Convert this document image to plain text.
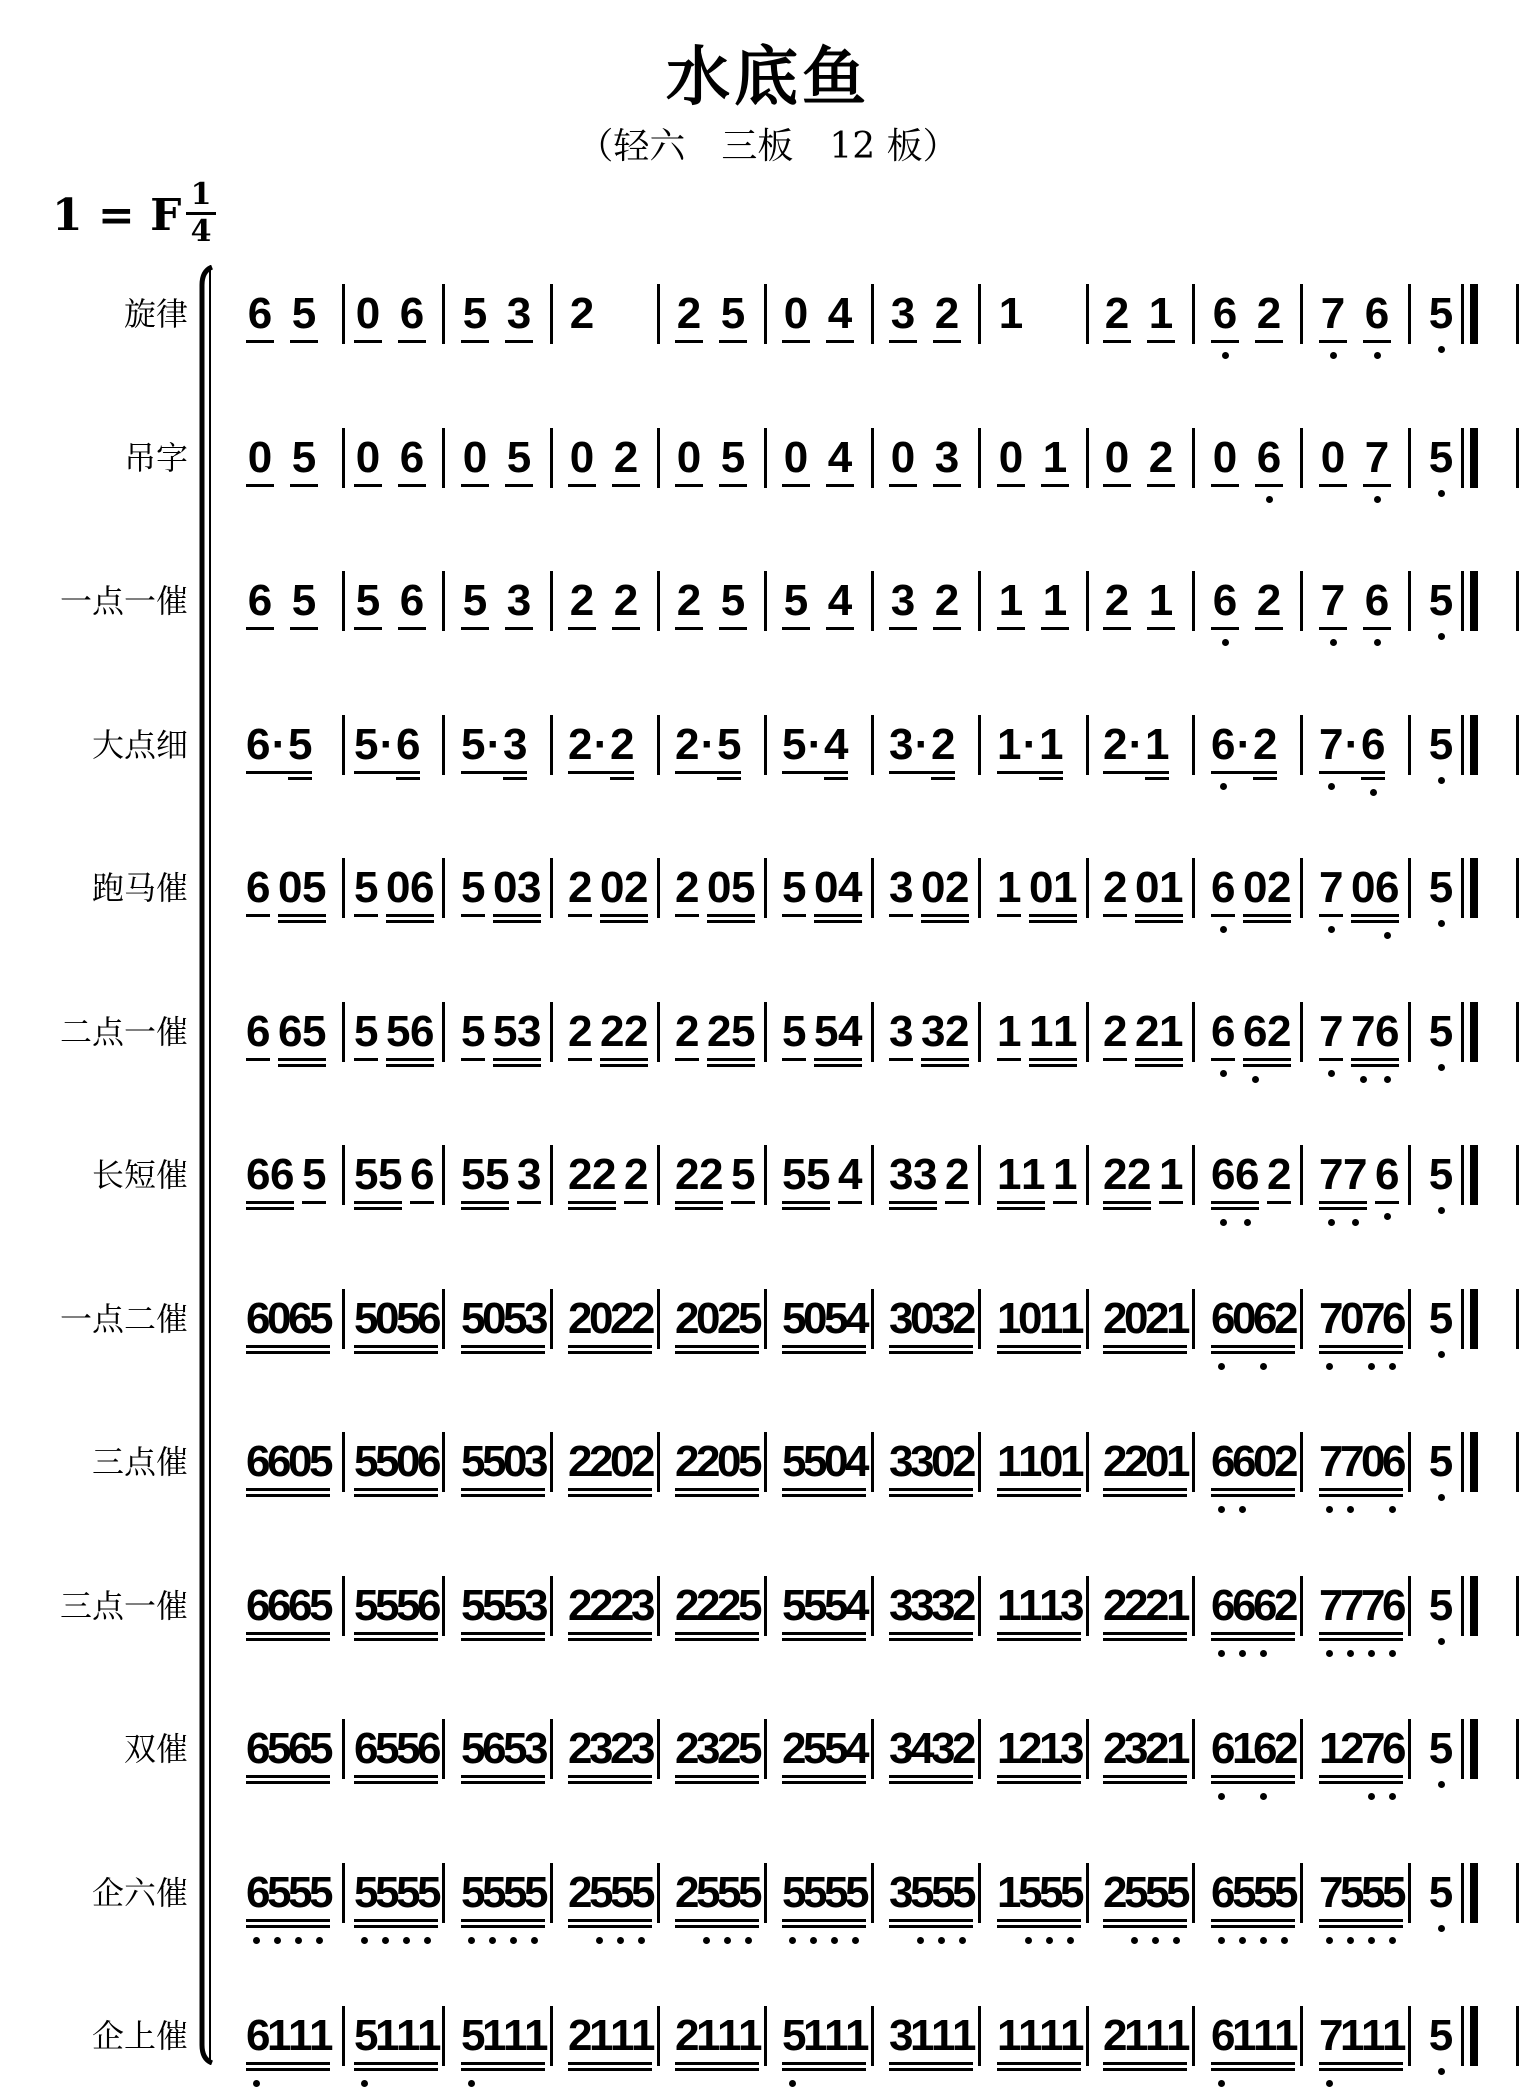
水底鱼
（轻六　三板　12 板）
1 = F 1
4
旋律 6 5 0 6 5 3 2 2 5 0 4 3 2 1 2 1 6 2 7 6 5
吊字 0 5 0 6 0 5 0 2 0 5 0 4 0 3 0 1 0 2 0 6 0 7 5
一点一催 6 5 5 6 5 3 2 2 2 5 5 4 3 2 1 1 2 1 6 2 7 6 5
大点细 6 · 5 5 · 6 5 · 3 2 · 2 2 · 5 5 · 4 3 · 2 1 · 1 2 · 1 6 · 2 7 · 6 5
跑马催 6 0 5 5 0 6 5 0 3 2 0 2 2 0 5 5 0 4 3 0 2 1 0 1 2 0 1 6 0 2 7 0 6 5
二点一催 6 6 5 5 5 6 5 5 3 2 2 2 2 2 5 5 5 4 3 3 2 1 1 1 2 2 1 6 6 2 7 7 6 5
长短催 6 6 5 5 5 6 5 5 3 2 2 2 2 2 5 5 5 4 3 3 2 1 1 1 2 2 1 6 6 2 7 7 6 5
一点二催 6
0
6
5 5
0
5
6 5
0
5
3 2
0
2
2 2
0
2
5 5
0
5
4 3
0
3
2 1
0
1
1 2
0
2
1 6
0
6
2 7
0
7
6 5
三点催 6
6
0
5 5
5
0
6 5
5
0
3 2
2
0
2 2
2
0
5 5
5
0
4 3
3
0
2 1
1
0
1 2
2
0
1 6
6
0
2 7
7
0
6 5
三点一催 6
6
6
5 5
5
5
6 5
5
5
3 2
2
2
3 2
2
2
5 5
5
5
4 3
3
3
2 1
1
1
3 2
2
2
1 6
6
6
2 7
7
7
6 5
双催 6
5
6
5 6
5
5
6 5
6
5
3 2
3
2
3 2
3
2
5 2
5
5
4 3
4
3
2 1
2
1
3 2
3
2
1 6
1
6
2 1
2
7
6 5
企六催 6
5
5
5 5
5
5
5 5
5
5
5 2
5
5
5 2
5
5
5 5
5
5
5 3
5
5
5 1
5
5
5 2
5
5
5 6
5
5
5 7
5
5
5 5
企上催 6
1
1
1 5
1
1
1 5
1
1
1 2
1
1
1 2
1
1
1 5
1
1
1 3
1
1
1 1
1
1
1 2
1
1
1 6
1
1
1 7
1
1
1 5
